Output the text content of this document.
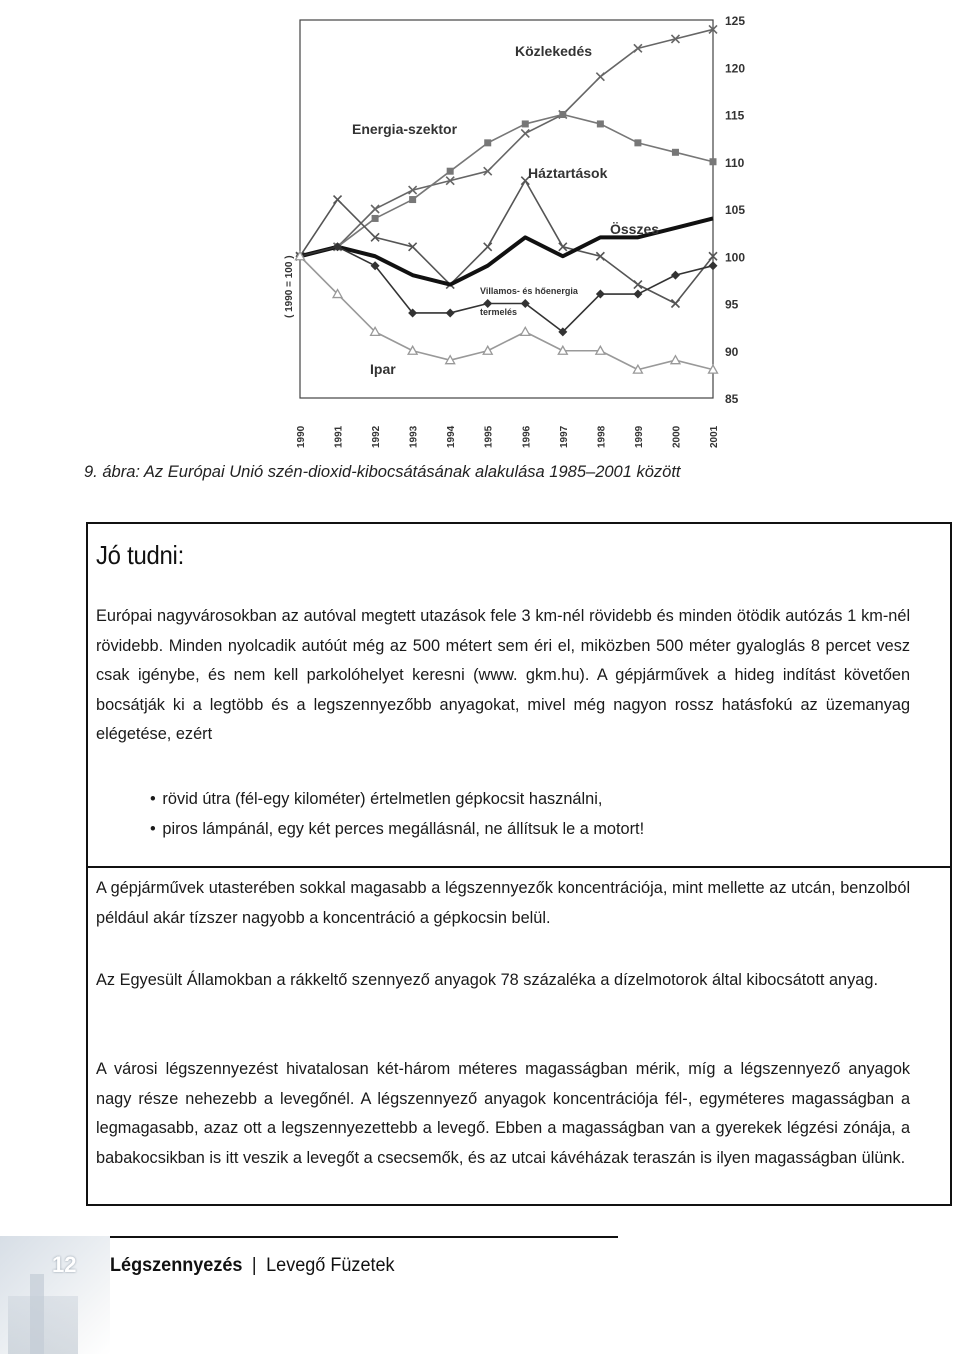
125
120
115
110
105
100
95
90
85
1990	1991	1992	1993	1994	1995	1996	1997	1998	1999	2000	2001
( 1990 = 100 )
Közlekedés
Energia-szektor
Háztartások
Összes
Ipar
Villamos- és hőenergia
termelés
9. ábra: Az Európai Unió szén-dioxid-kibocsátásának alakulása 1985–2001 között
Jó tudni:
Európai nagyvárosokban az autóval megtett utazások fele 3 km-nél rövidebb és minden ötödik autózás 1 km-nél rövidebb. Minden nyolcadik autóút még az 500 métert sem éri el, miközben 500 méter gyaloglás 8 percet vesz csak igénybe, és nem kell parkolóhelyet keresni (www. gkm.hu). A gépjárművek a hideg indítást követően bocsátják ki a legtöbb és a legszennyezőbb anyagokat, mivel még nagyon rossz hatásfokú az üzemanyag elégetése, ezért
• rövid útra (fél-egy kilométer) értelmetlen gépkocsit használni,
• piros lámpánál, egy két perces megállásnál, ne állítsuk le a motort!
A gépjárművek utasterében sokkal magasabb a légszennyezők koncentrációja, mint mellette az utcán, benzolból például akár tízszer nagyobb a koncentráció a gépkocsin belül.
Az Egyesült Államokban a rákkeltő szennyező anyagok 78 százaléka a dízelmotorok által kibocsátott anyag.
A városi légszennyezést hivatalosan két-három méteres magasságban mérik, míg a légszennyező anyagok nagy része nehezebb a levegőnél. A légszennyező anyagok koncentrációja fél-, egyméteres magasságban a legmagasabb, azaz ott a legszennyezettebb a levegő. Ebben a magasságban van a gyerekek légzési zónája, a babakocsikban is itt veszik a levegőt a csecsemők, és az utcai kávéházak teraszán is ilyen magasságban ülünk.
12 Légszennyezés | Levegő Füzetek
